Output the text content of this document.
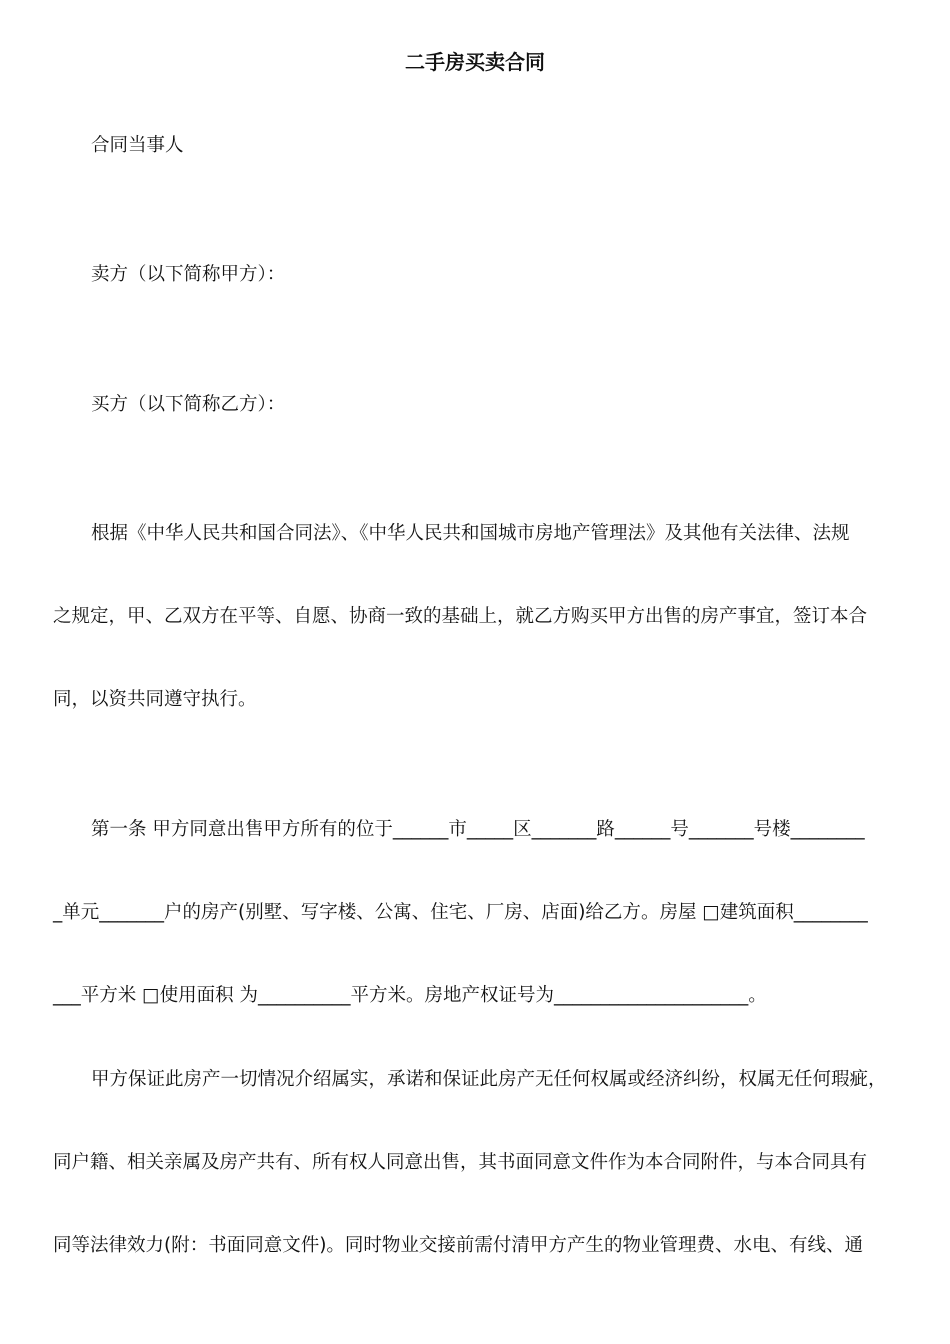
二手房买卖合同
合同当事人
卖方（以下简称甲方）：
买方（以下简称乙方）：
根据《中华人民共和国合同法》、《中华人民共和国城市房地产管理法》及其他有关法律、法规
之规定，甲、乙双方在平等、自愿、协商一致的基础上，就乙方购买甲方出售的房产事宜，签订本合
同，以资共同遵守执行。
第一条 甲方同意出售甲方所有的位于______市_____区_______路______号_______号楼________
_单元_______户的房产(别墅、写字楼、公寓、住宅、厂房、店面)给乙方。房屋 □建筑面积________
___平方米 □使用面积 为__________平方米。房地产权证号为_____________________。
甲方保证此房产一切情况介绍属实，承诺和保证此房产无任何权属或经济纠纷，权属无任何瑕疵，
同户籍、相关亲属及房产共有、所有权人同意出售，其书面同意文件作为本合同附件，与本合同具有
同等法律效力(附：书面同意文件)。同时物业交接前需付清甲方产生的物业管理费、水电、有线、通
